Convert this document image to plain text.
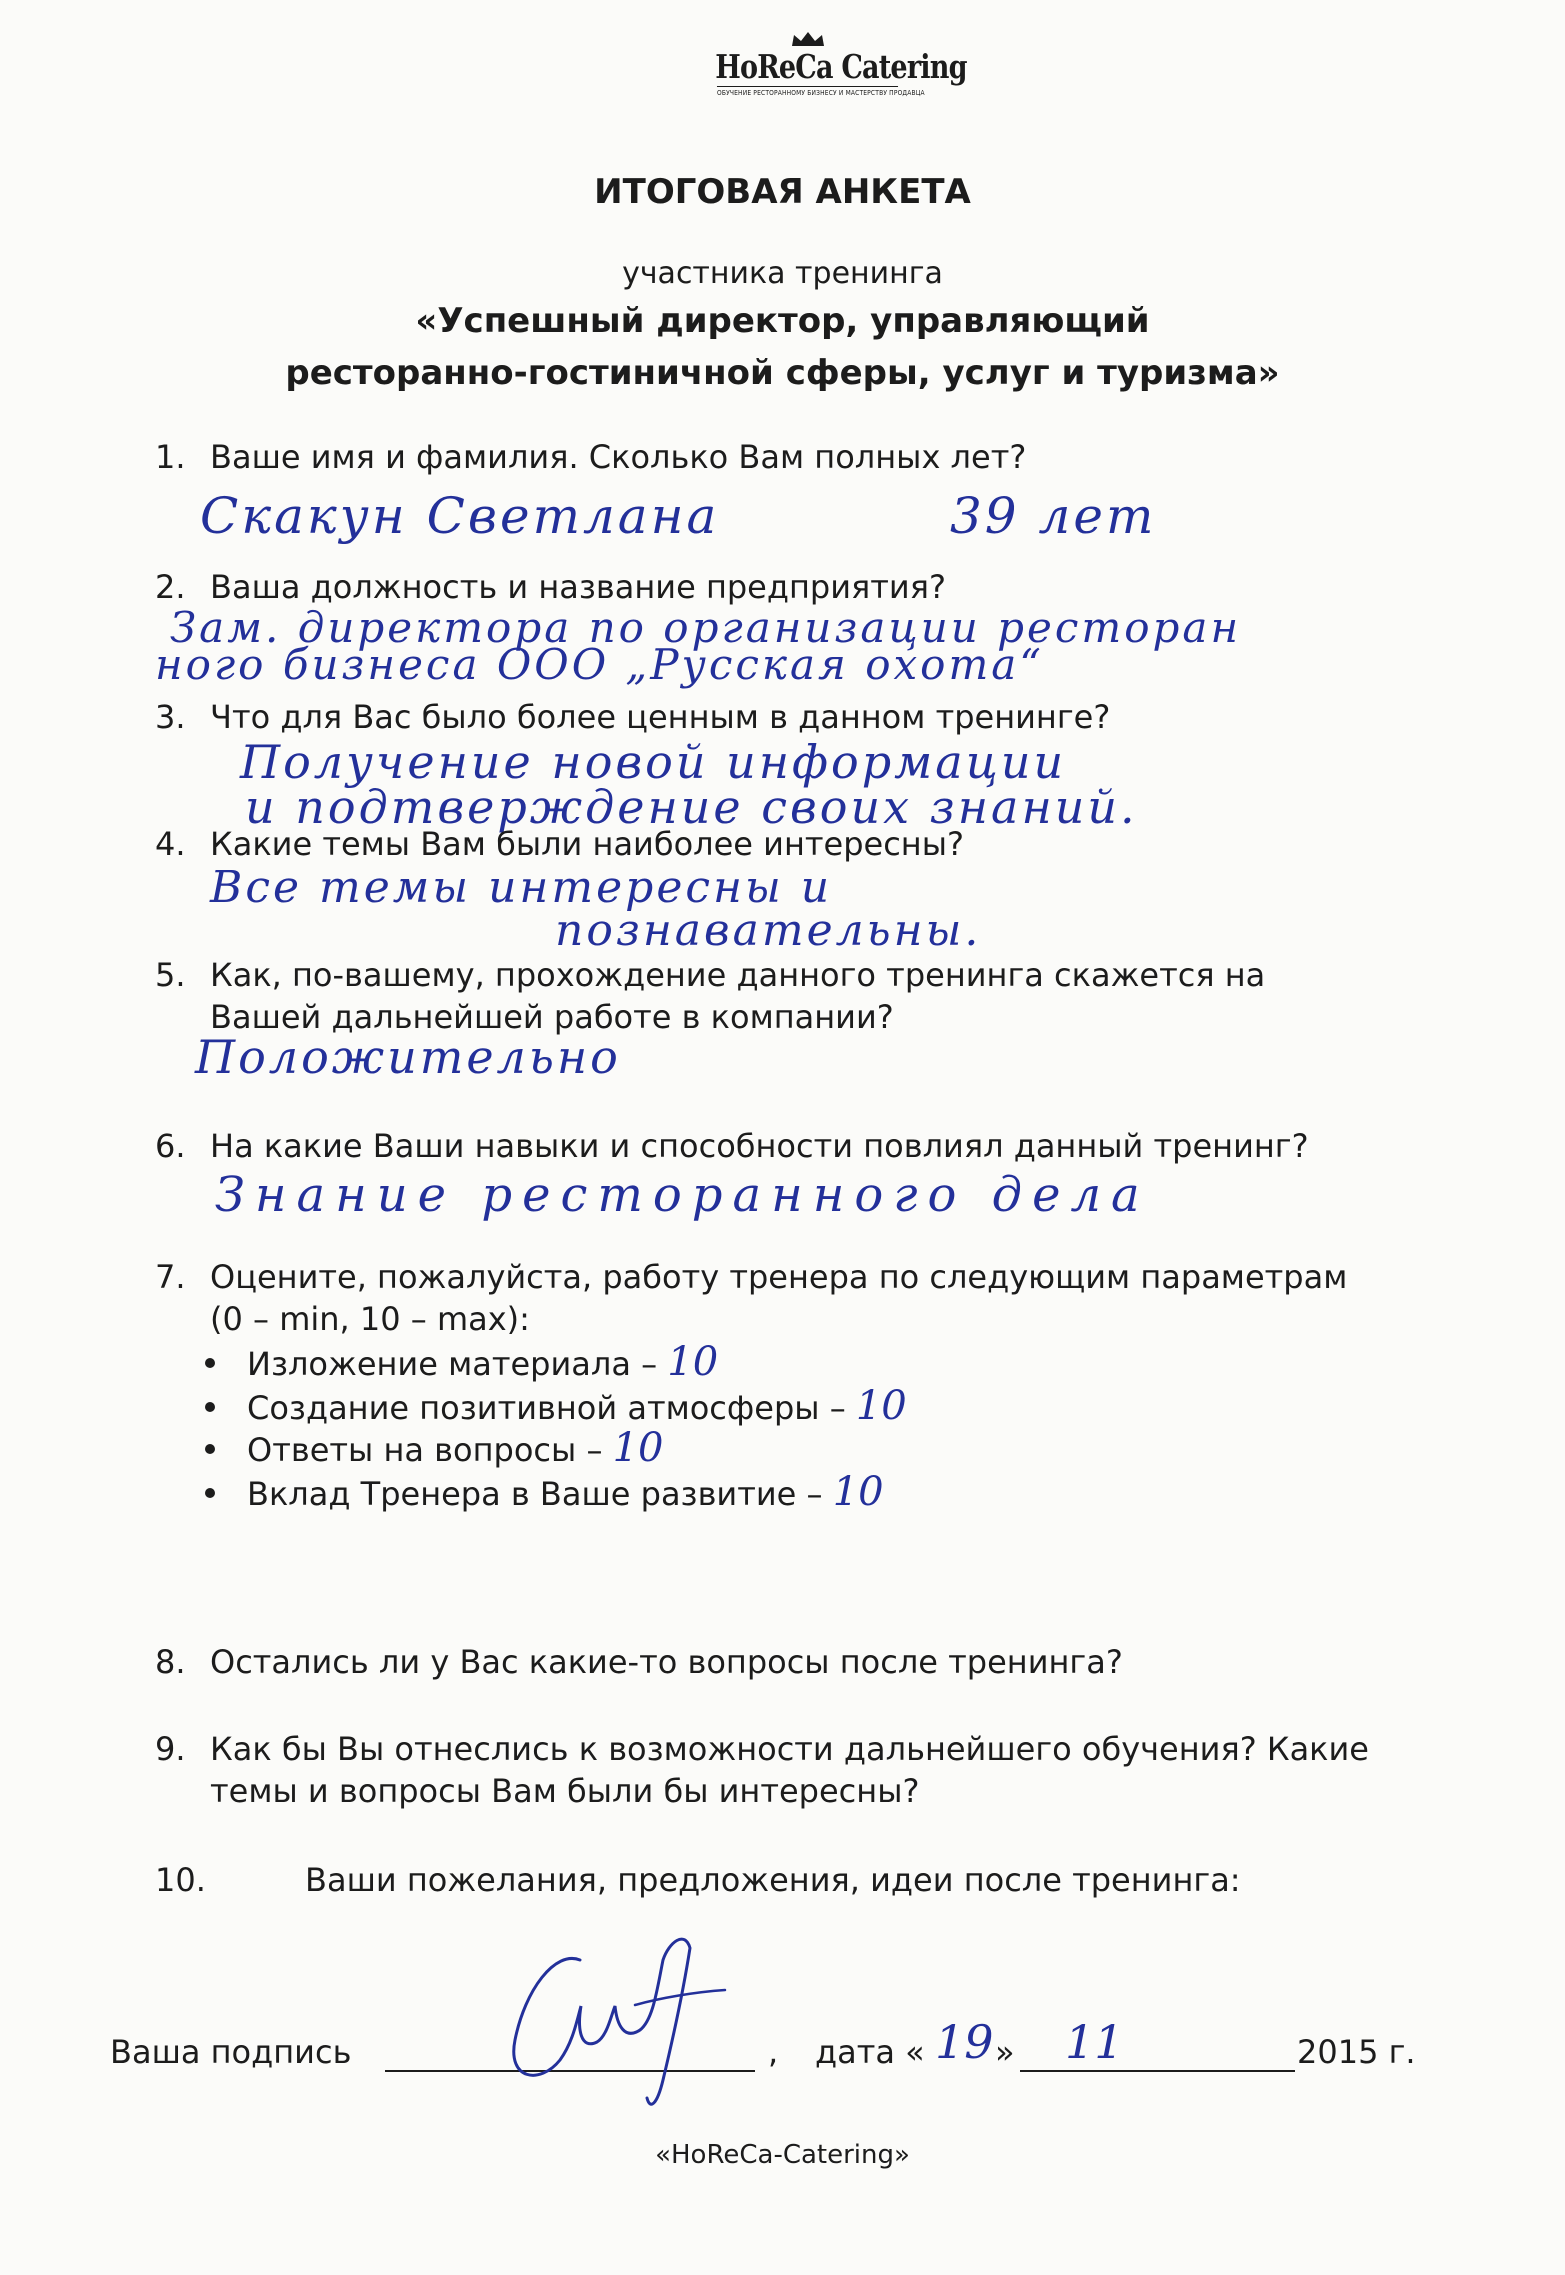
HoReCa Catering
ОБУЧЕНИЕ РЕСТОРАННОМУ БИЗНЕСУ И МАСТЕРСТВУ ПРОДАВЦА
ИТОГОВАЯ АНКЕТА
участника тренинга
«Успешный директор, управляющий
ресторанно-гостиничной сферы, услуг и туризма»
1. Ваше имя и фамилия. Сколько Вам полных лет?
Скакун Светлана	39 лет
2. Ваша должность и название предприятия?
Зам. директора по организации ресторан
ного бизнеса ООО „Русская охота“
3. Что для Вас было более ценным в данном тренинге?
Получение новой информации
и подтверждение своих знаний.
4. Какие темы Вам были наиболее интересны?
Все темы интересны и
познавательны.
5. Как, по-вашему, прохождение данного тренинга скажется на
Вашей дальнейшей работе в компании?
Положительно
6. На какие Ваши навыки и способности повлиял данный тренинг?
Знание ресторанного дела
7. Оцените, пожалуйста, работу тренера по следующим параметрам
(0 – min, 10 – max):
Изложение материала – 10
Создание позитивной атмосферы – 10
Ответы на вопросы – 10
Вклад Тренера в Ваше развитие – 10
8. Остались ли у Вас какие-то вопросы после тренинга?
9. Как бы Вы отнеслись к возможности дальнейшего обучения? Какие
темы и вопросы Вам были бы интересны?
10.	Ваши пожелания, предложения, идеи после тренинга:
Ваша подпись	, дата « 19 » 11	2015 г.
«HoReCa-Catering»
